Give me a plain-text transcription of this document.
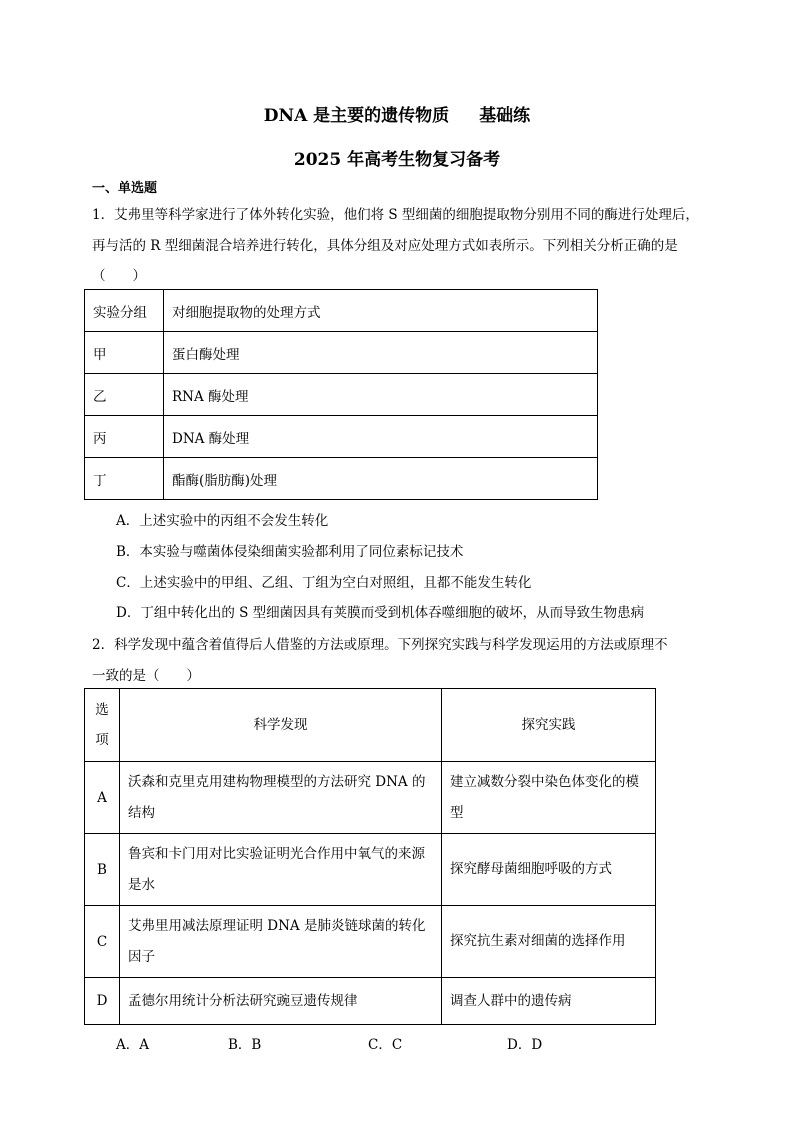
DNA 是主要的遗传物质 基础练
2025 年高考生物复习备考
一、单选题
1．艾弗里等科学家进行了体外转化实验，他们将 S 型细菌的细胞提取物分别用不同的酶进行处理后，
再与活的 R 型细菌混合培养进行转化，具体分组及对应处理方式如表所示。下列相关分析正确的是
（　　）
实验分组	对细胞提取物的处理方式
甲	蛋白酶处理
乙	RNA 酶处理
丙	DNA 酶处理
丁	酯酶(脂肪酶)处理
A．上述实验中的丙组不会发生转化
B．本实验与噬菌体侵染细菌实验都利用了同位素标记技术
C．上述实验中的甲组、乙组、丁组为空白对照组，且都不能发生转化
D．丁组中转化出的 S 型细菌因具有荚膜而受到机体吞噬细胞的破坏，从而导致生物患病
2．科学发现中蕴含着值得后人借鉴的方法或原理。下列探究实践与科学发现运用的方法或原理不
一致的是（　　）
选项	科学发现	探究实践
A	沃森和克里克用建构物理模型的方法研究 DNA 的结构	建立减数分裂中染色体变化的模型
B	鲁宾和卡门用对比实验证明光合作用中氧气的来源是水	探究酵母菌细胞呼吸的方式
C	艾弗里用减法原理证明 DNA 是肺炎链球菌的转化因子	探究抗生素对细菌的选择作用
D	孟德尔用统计分析法研究豌豆遗传规律	调查人群中的遗传病
A．A	B．B	C．C	D．D
